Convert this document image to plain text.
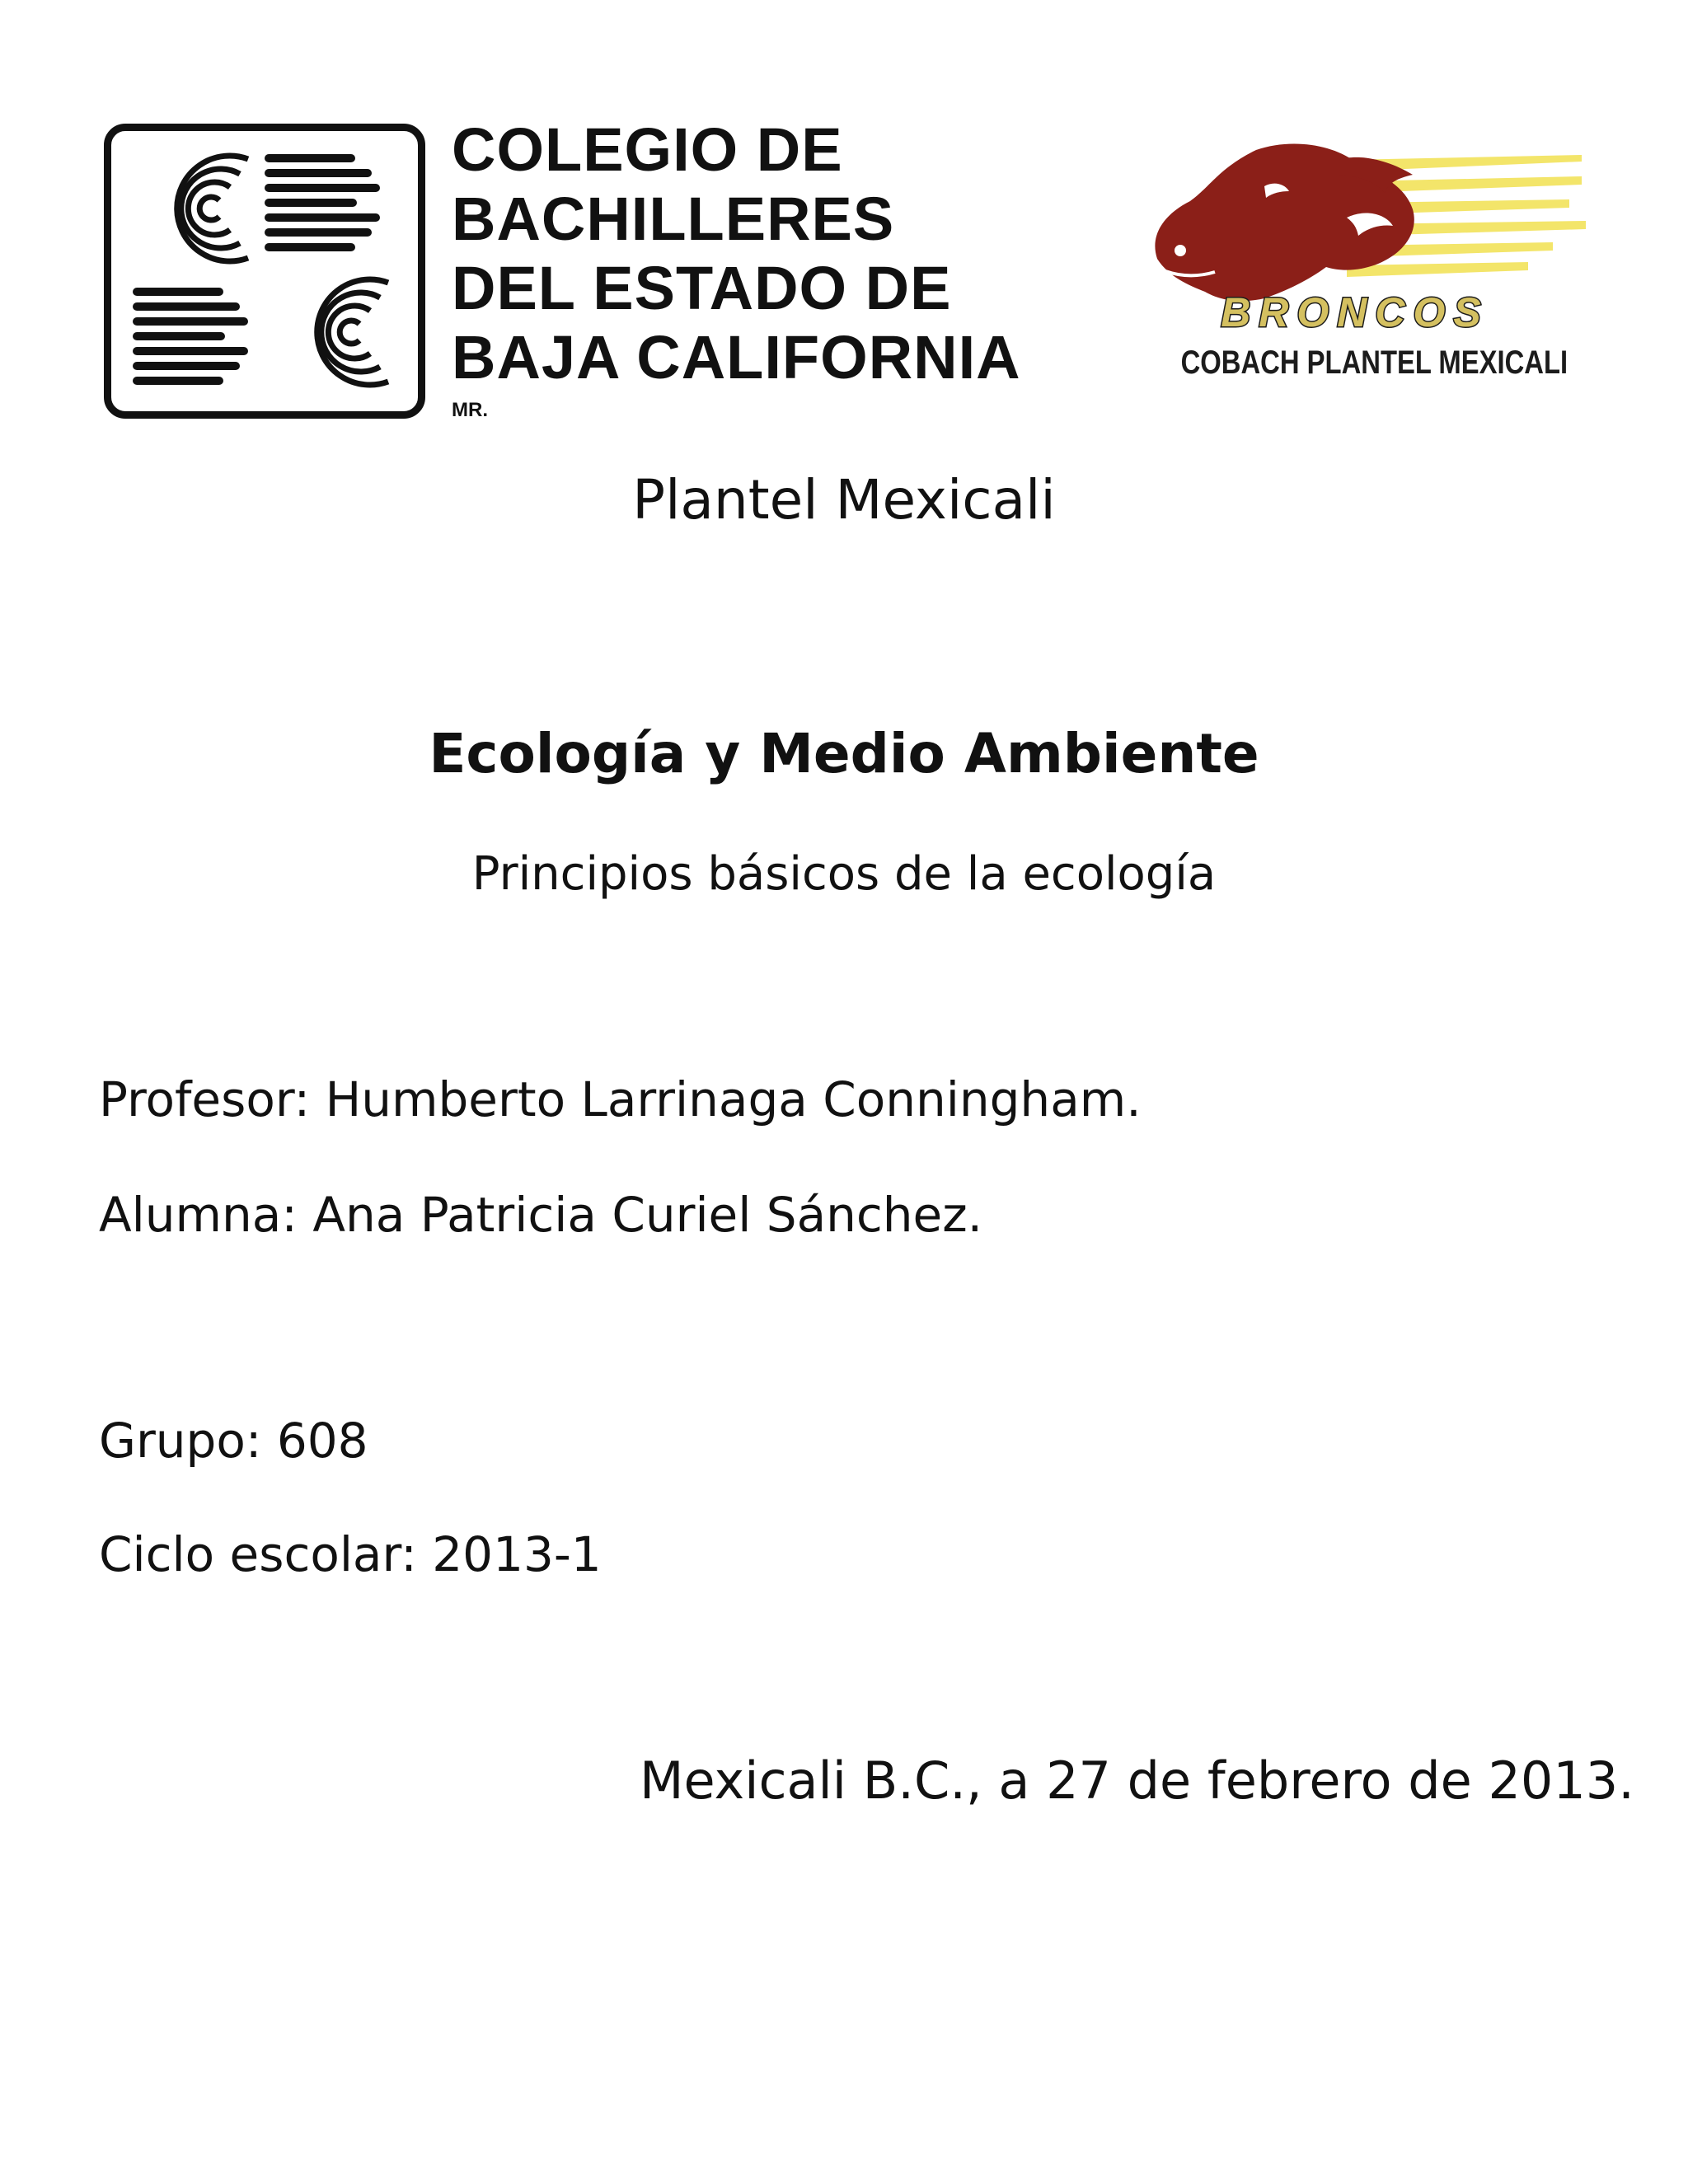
COLEGIO DE
BACHILLERES
DEL ESTADO DE
BAJA CALIFORNIA
MR.
BRONCOS
COBACH PLANTEL MEXICALI
Plantel Mexicali
Ecología y Medio Ambiente
Principios básicos de la ecología
Profesor: Humberto Larrinaga Conningham.
Alumna: Ana Patricia Curiel Sánchez.
Grupo: 608
Ciclo escolar: 2013-1
Mexicali B.C., a 27 de febrero de 2013.
